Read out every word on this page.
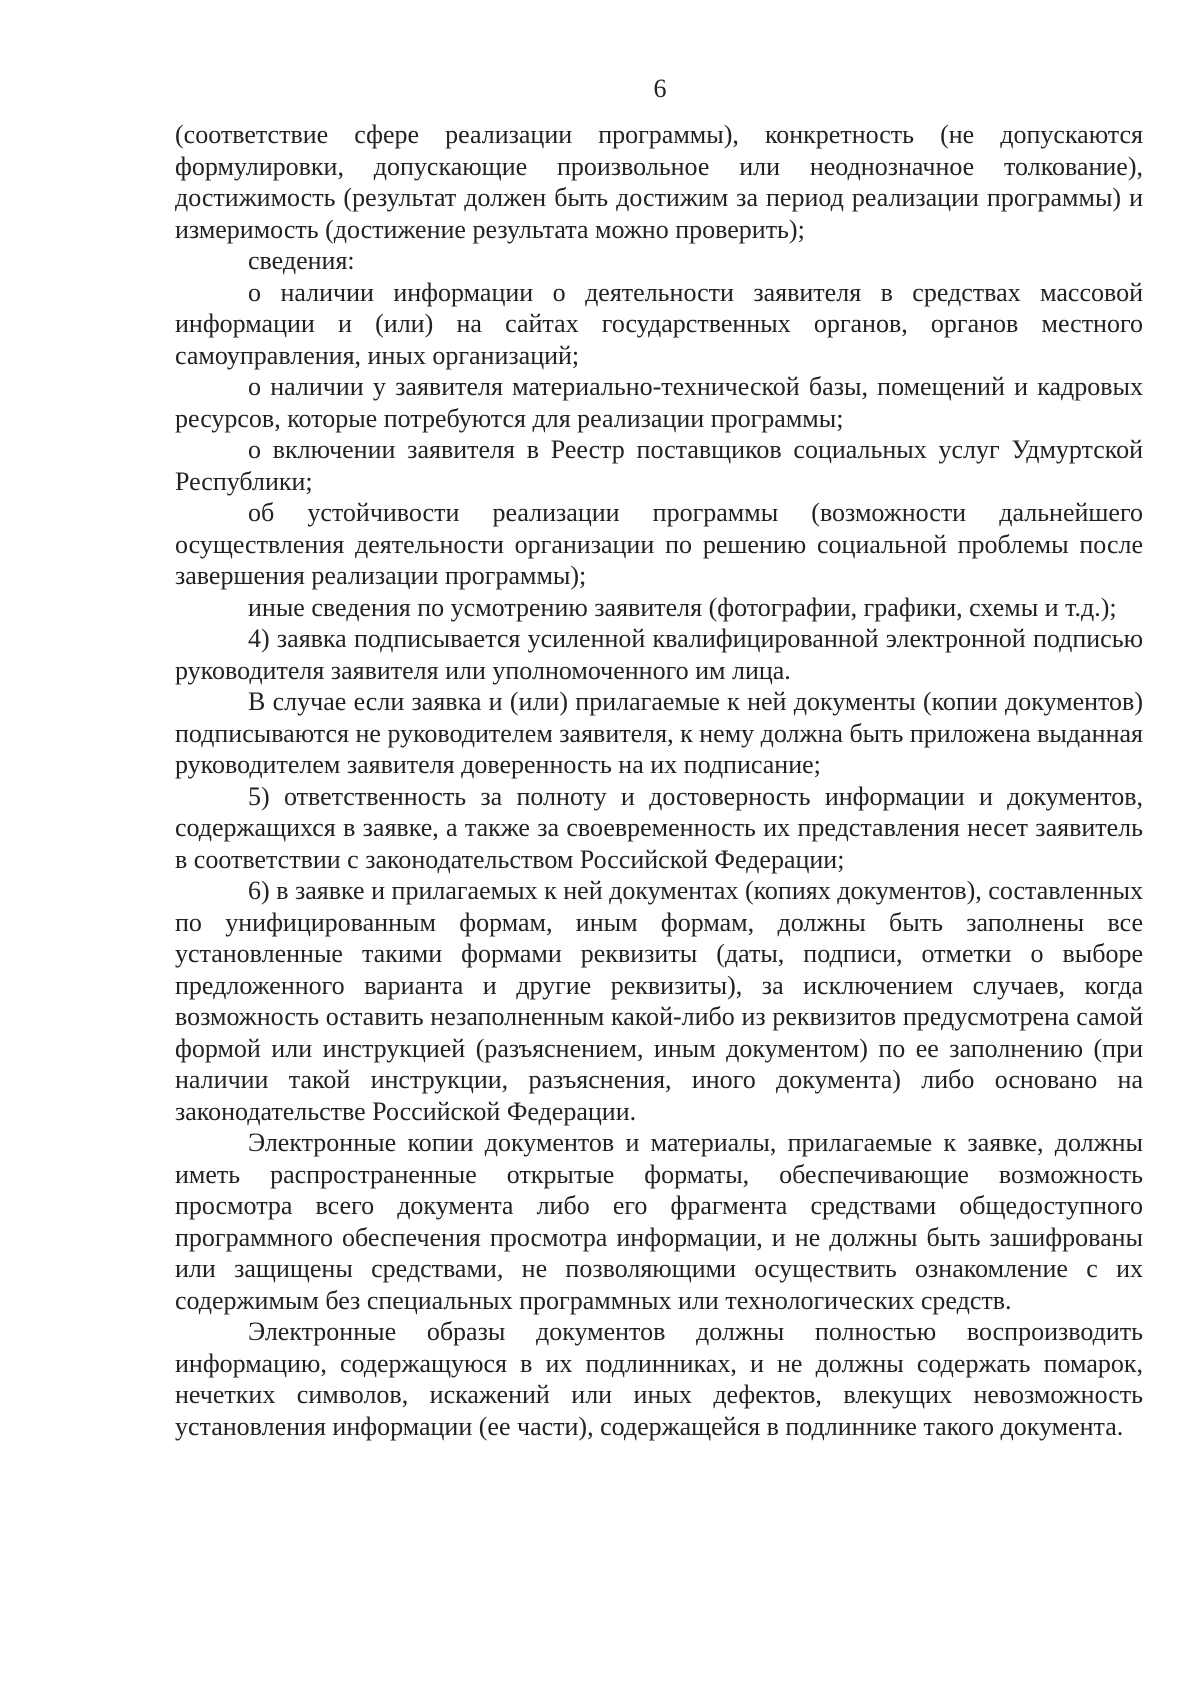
6

(соответствие сфере реализации программы), конкретность (не допускаются формулировки, допускающие произвольное или неоднозначное толкование), достижимость (результат должен быть достижим за период реализации программы) и измеримость (достижение результата можно проверить);

сведения:

о наличии информации о деятельности заявителя в средствах массовой информации и (или) на сайтах государственных органов, органов местного самоуправления, иных организаций;

о наличии у заявителя материально-технической базы, помещений и кадровых ресурсов, которые потребуются для реализации программы;

о включении заявителя в Реестр поставщиков социальных услуг Удмуртской Республики;

об устойчивости реализации программы (возможности дальнейшего осуществления деятельности организации по решению социальной проблемы после завершения реализации программы);

иные сведения по усмотрению заявителя (фотографии, графики, схемы и т.д.);

4) заявка подписывается усиленной квалифицированной электронной подписью руководителя заявителя или уполномоченного им лица.

В случае если заявка и (или) прилагаемые к ней документы (копии документов) подписываются не руководителем заявителя, к нему должна быть приложена выданная руководителем заявителя доверенность на их подписание;

5) ответственность за полноту и достоверность информации и документов, содержащихся в заявке, а также за своевременность их представления несет заявитель в соответствии с законодательством Российской Федерации;

6) в заявке и прилагаемых к ней документах (копиях документов), составленных по унифицированным формам, иным формам, должны быть заполнены все установленные такими формами реквизиты (даты, подписи, отметки о выборе предложенного варианта и другие реквизиты), за исключением случаев, когда возможность оставить незаполненным какой-либо из реквизитов предусмотрена самой формой или инструкцией (разъяснением, иным документом) по ее заполнению (при наличии такой инструкции, разъяснения, иного документа) либо основано на законодательстве Российской Федерации.

Электронные копии документов и материалы, прилагаемые к заявке, должны иметь распространенные открытые форматы, обеспечивающие возможность просмотра всего документа либо его фрагмента средствами общедоступного программного обеспечения просмотра информации, и не должны быть зашифрованы или защищены средствами, не позволяющими осуществить ознакомление с их содержимым без специальных программных или технологических средств.

Электронные образы документов должны полностью воспроизводить информацию, содержащуюся в их подлинниках, и не должны содержать помарок, нечетких символов, искажений или иных дефектов, влекущих невозможность установления информации (ее части), содержащейся в подлиннике такого документа.
